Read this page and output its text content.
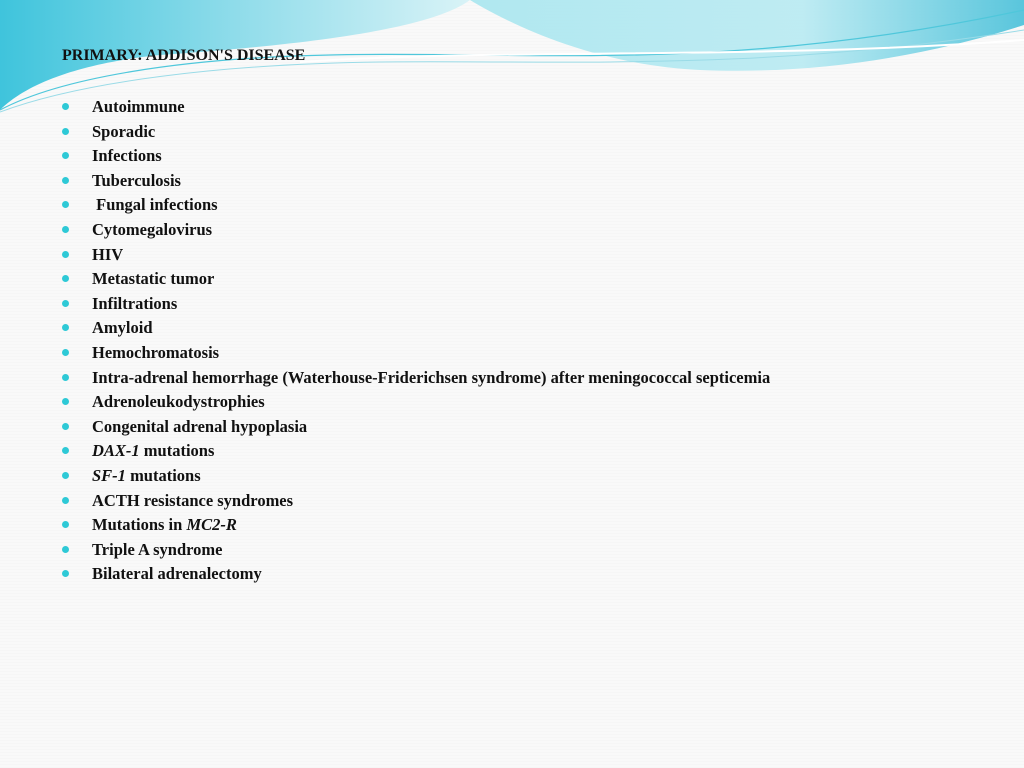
PRIMARY: ADDISON'S DISEASE
Autoimmune
Sporadic
Infections
Tuberculosis
Fungal infections
Cytomegalovirus
HIV
Metastatic tumor
Infiltrations
Amyloid
Hemochromatosis
Intra-adrenal hemorrhage (Waterhouse-Friderichsen syndrome) after meningococcal septicemia
Adrenoleukodystrophies
Congenital adrenal hypoplasia
DAX-1 mutations
SF-1 mutations
ACTH resistance syndromes
Mutations in MC2-R
Triple A syndrome
Bilateral adrenalectomy
